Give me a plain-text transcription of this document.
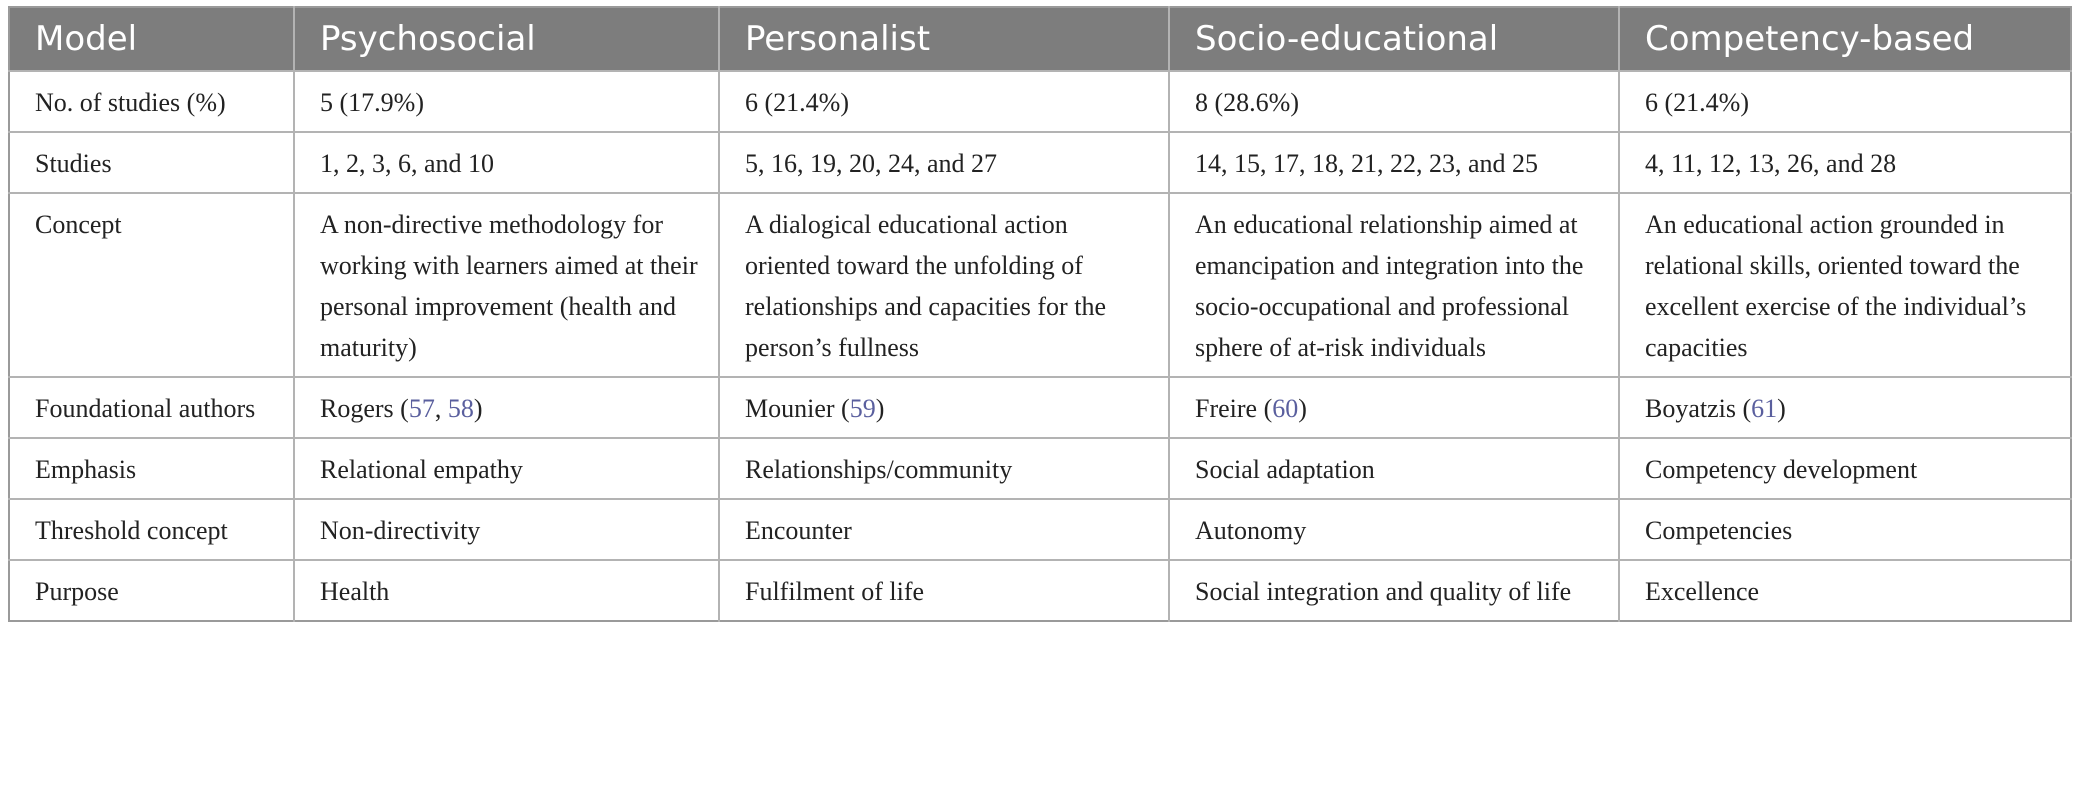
Model	Psychosocial	Personalist	Socio-educational	Competency-based
No. of studies (%)	5 (17.9%)	6 (21.4%)	8 (28.6%)	6 (21.4%)
Studies	1, 2, 3, 6, and 10	5, 16, 19, 20, 24, and 27	14, 15, 17, 18, 21, 22, 23, and 25	4, 11, 12, 13, 26, and 28
Concept	A non-directive methodology for working with learners aimed at their personal improvement (health and maturity)	A dialogical educational action oriented toward the unfolding of relationships and capacities for the person’s fullness	An educational relationship aimed at emancipation and integration into the socio-occupational and professional sphere of at-risk individuals	An educational action grounded in relational skills, oriented toward the excellent exercise of the individual’s capacities
Foundational authors	Rogers (57, 58)	Mounier (59)	Freire (60)	Boyatzis (61)
Emphasis	Relational empathy	Relationships/community	Social adaptation	Competency development
Threshold concept	Non-directivity	Encounter	Autonomy	Competencies
Purpose	Health	Fulfilment of life	Social integration and quality of life	Excellence
